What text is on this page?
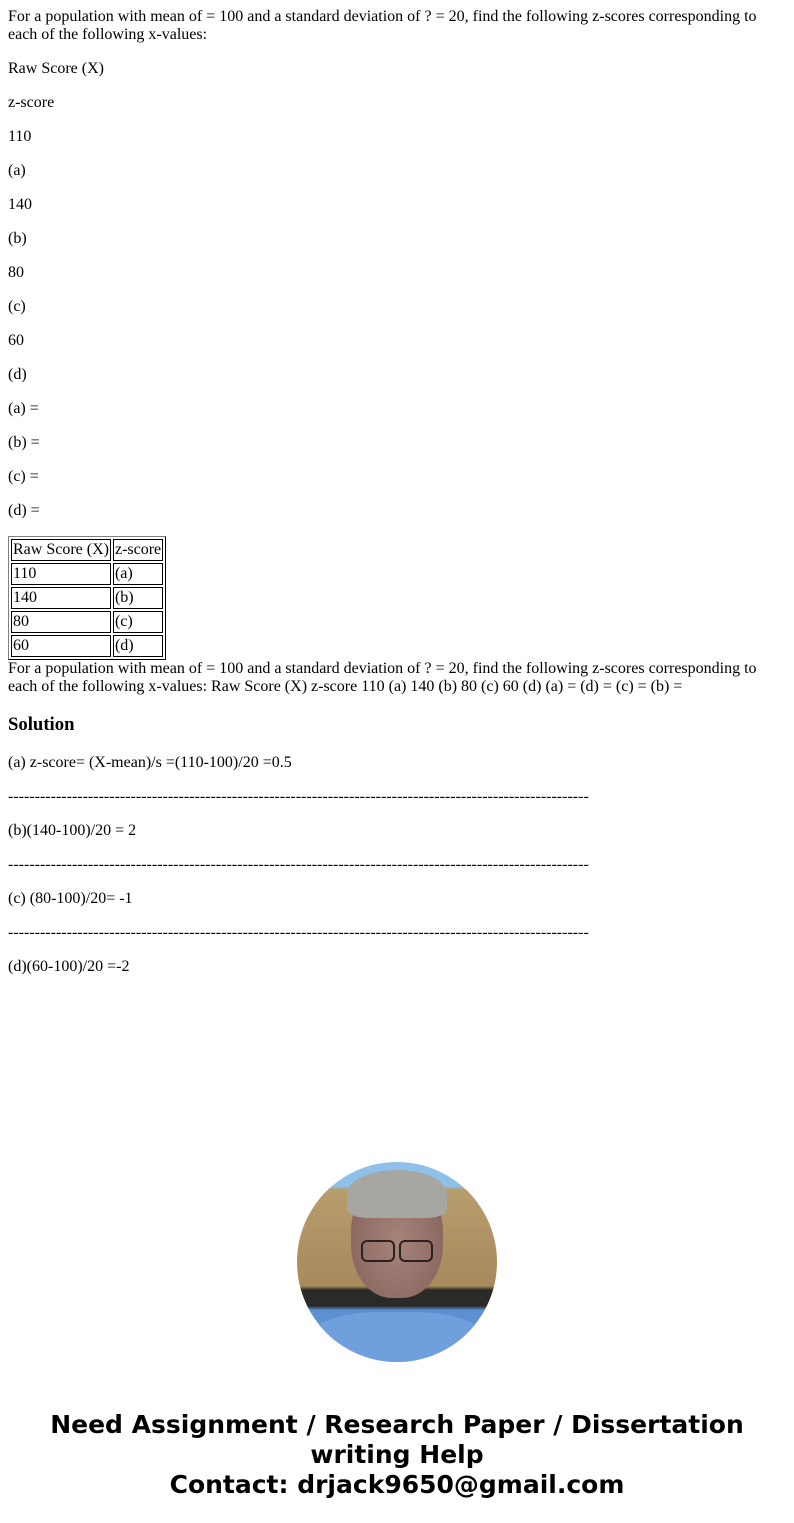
For a population with mean of = 100 and a standard deviation of ? = 20, find the following z-scores corresponding to each of the following x-values:

Raw Score (X)

z-score

110

(a)

140

(b)

80

(c)

60

(d)

(a) =

(b) =

(c) =

(d) =

Raw Score (X)	z-score
110	(a)
140	(b)
80	(c)
60	(d)

For a population with mean of = 100 and a standard deviation of ? = 20, find the following z-scores corresponding to each of the following x-values: Raw Score (X) z-score 110 (a) 140 (b) 80 (c) 60 (d) (a) = (d) = (c) = (b) =

Solution

(a) z-score= (X-mean)/s =(110-100)/20 =0.5

-------------------------------------------------------------------------------------------------------------

(b)(140-100)/20 = 2

-------------------------------------------------------------------------------------------------------------

(c) (80-100)/20= -1

-------------------------------------------------------------------------------------------------------------

(d)(60-100)/20 =-2

Need Assignment / Research Paper / Dissertation writing Help
Contact: drjack9650@gmail.com
